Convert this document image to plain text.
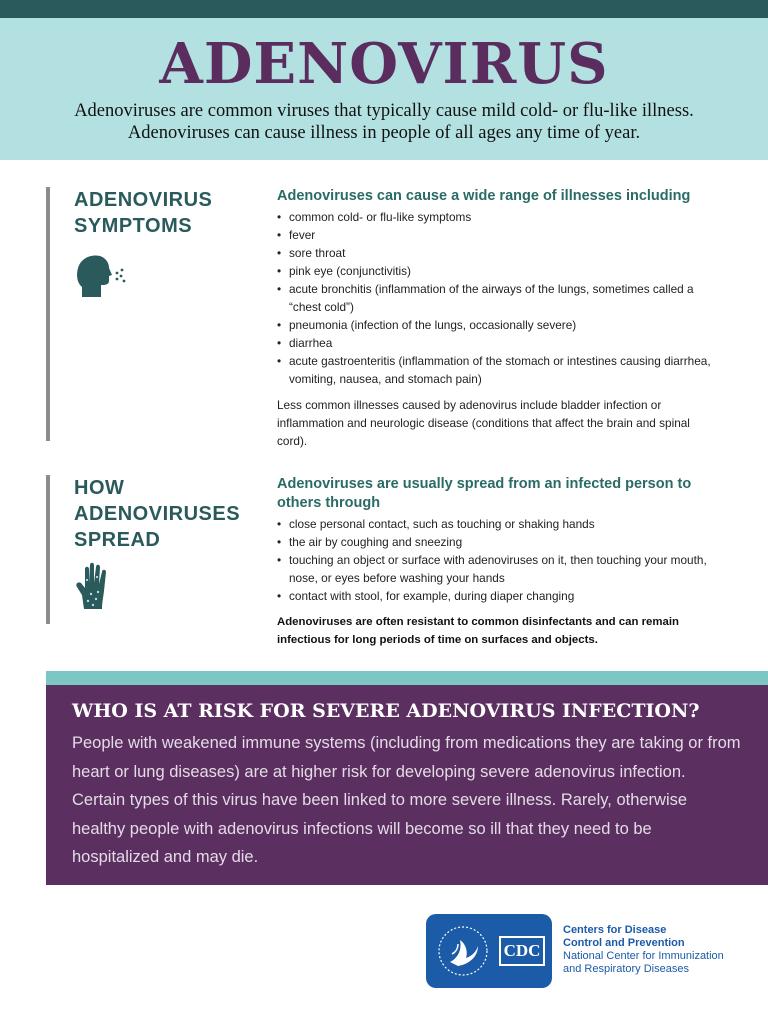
ADENOVIRUS
Adenoviruses are common viruses that typically cause mild cold- or flu-like illness.
Adenoviruses can cause illness in people of all ages any time of year.
ADENOVIRUS
SYMPTOMS
Adenoviruses can cause a wide range of illnesses including
• common cold- or flu-like symptoms
• fever
• sore throat
• pink eye (conjunctivitis)
• acute bronchitis (inflammation of the airways of the lungs, sometimes called a “chest cold”)
• pneumonia (infection of the lungs, occasionally severe)
• diarrhea
• acute gastroenteritis (inflammation of the stomach or intestines causing diarrhea, vomiting, nausea, and stomach pain)

Less common illnesses caused by adenovirus include bladder infection or inflammation and neurologic disease (conditions that affect the brain and spinal cord).

HOW
ADENOVIRUSES
SPREAD
Adenoviruses are usually spread from an infected person to others through
• close personal contact, such as touching or shaking hands
• the air by coughing and sneezing
• touching an object or surface with adenoviruses on it, then touching your mouth, nose, or eyes before washing your hands
• contact with stool, for example, during diaper changing

Adenoviruses are often resistant to common disinfectants and can remain infectious for long periods of time on surfaces and objects.

WHO IS AT RISK FOR SEVERE ADENOVIRUS INFECTION?

People with weakened immune systems (including from medications they are taking or from heart or lung diseases) are at higher risk for developing severe adenovirus infection. Certain types of this virus have been linked to more severe illness. Rarely, otherwise healthy people with adenovirus infections will become so ill that they need to be hospitalized and may die.

CDC
Centers for Disease
Control and Prevention
National Center for Immunization
and Respiratory Diseases
